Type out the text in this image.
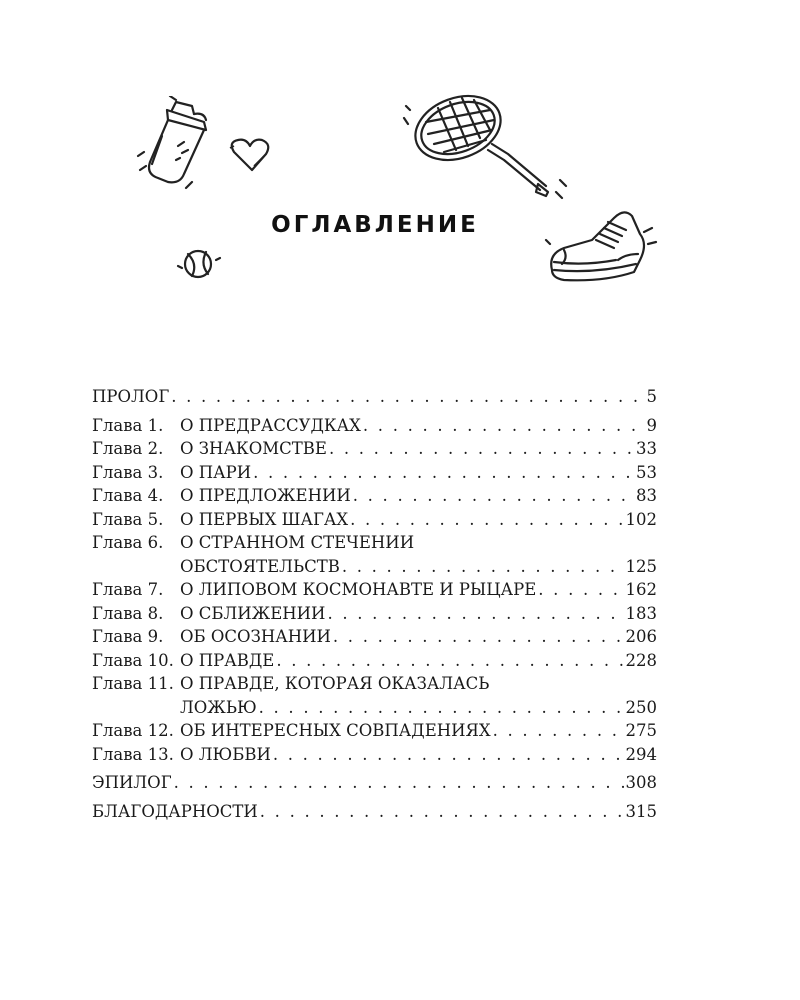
ОГЛАВЛЕНИЕ
ПРОЛОГ . . .	5
Глава 1. О ПРЕДРАССУДКАХ . . .	9
Глава 2. О ЗНАКОМСТВЕ . . .	33
Глава 3. О ПАРИ . . .	53
Глава 4. О ПРЕДЛОЖЕНИИ . . .	83
Глава 5. О ПЕРВЫХ ШАГАХ . . .	102
Глава 6. О СТРАННОМ СТЕЧЕНИИ
ОБСТОЯТЕЛЬСТВ . . .	125
Глава 7. О ЛИПОВОМ КОСМОНАВТЕ И РЫЦАРЕ . . .	162
Глава 8. О СБЛИЖЕНИИ . . .	183
Глава 9. ОБ ОСОЗНАНИИ . . .	206
Глава 10. О ПРАВДЕ . . .	228
Глава 11. О ПРАВДЕ, КОТОРАЯ ОКАЗАЛАСЬ
ЛОЖЬЮ . . .	250
Глава 12. ОБ ИНТЕРЕСНЫХ СОВПАДЕНИЯХ . . .	275
Глава 13. О ЛЮБВИ . . .	294
ЭПИЛОГ . . .	308
БЛАГОДАРНОСТИ . . .	315
